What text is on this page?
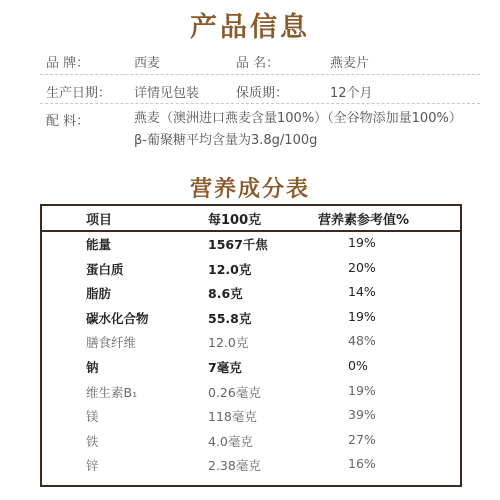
产品信息
品 牌：	西麦	品 名：	燕麦片
生产日期：	详情见包装	保质期：	12个月
配 料：	燕麦（澳洲进口燕麦含量100%）（全谷物添加量100%）
β-葡聚糖平均含量为3.8g/100g
营养成分表
项目	每100克	营养素参考值%
能量	1567千焦	19%
蛋白质	12.0克	20%
脂肪	8.6克	14%
碳水化合物	55.8克	19%
膳食纤维	12.0克	48%
钠	7毫克	0%
维生素B₁	0.26毫克	19%
镁	118毫克	39%
铁	4.0毫克	27%
锌	2.38毫克	16%
